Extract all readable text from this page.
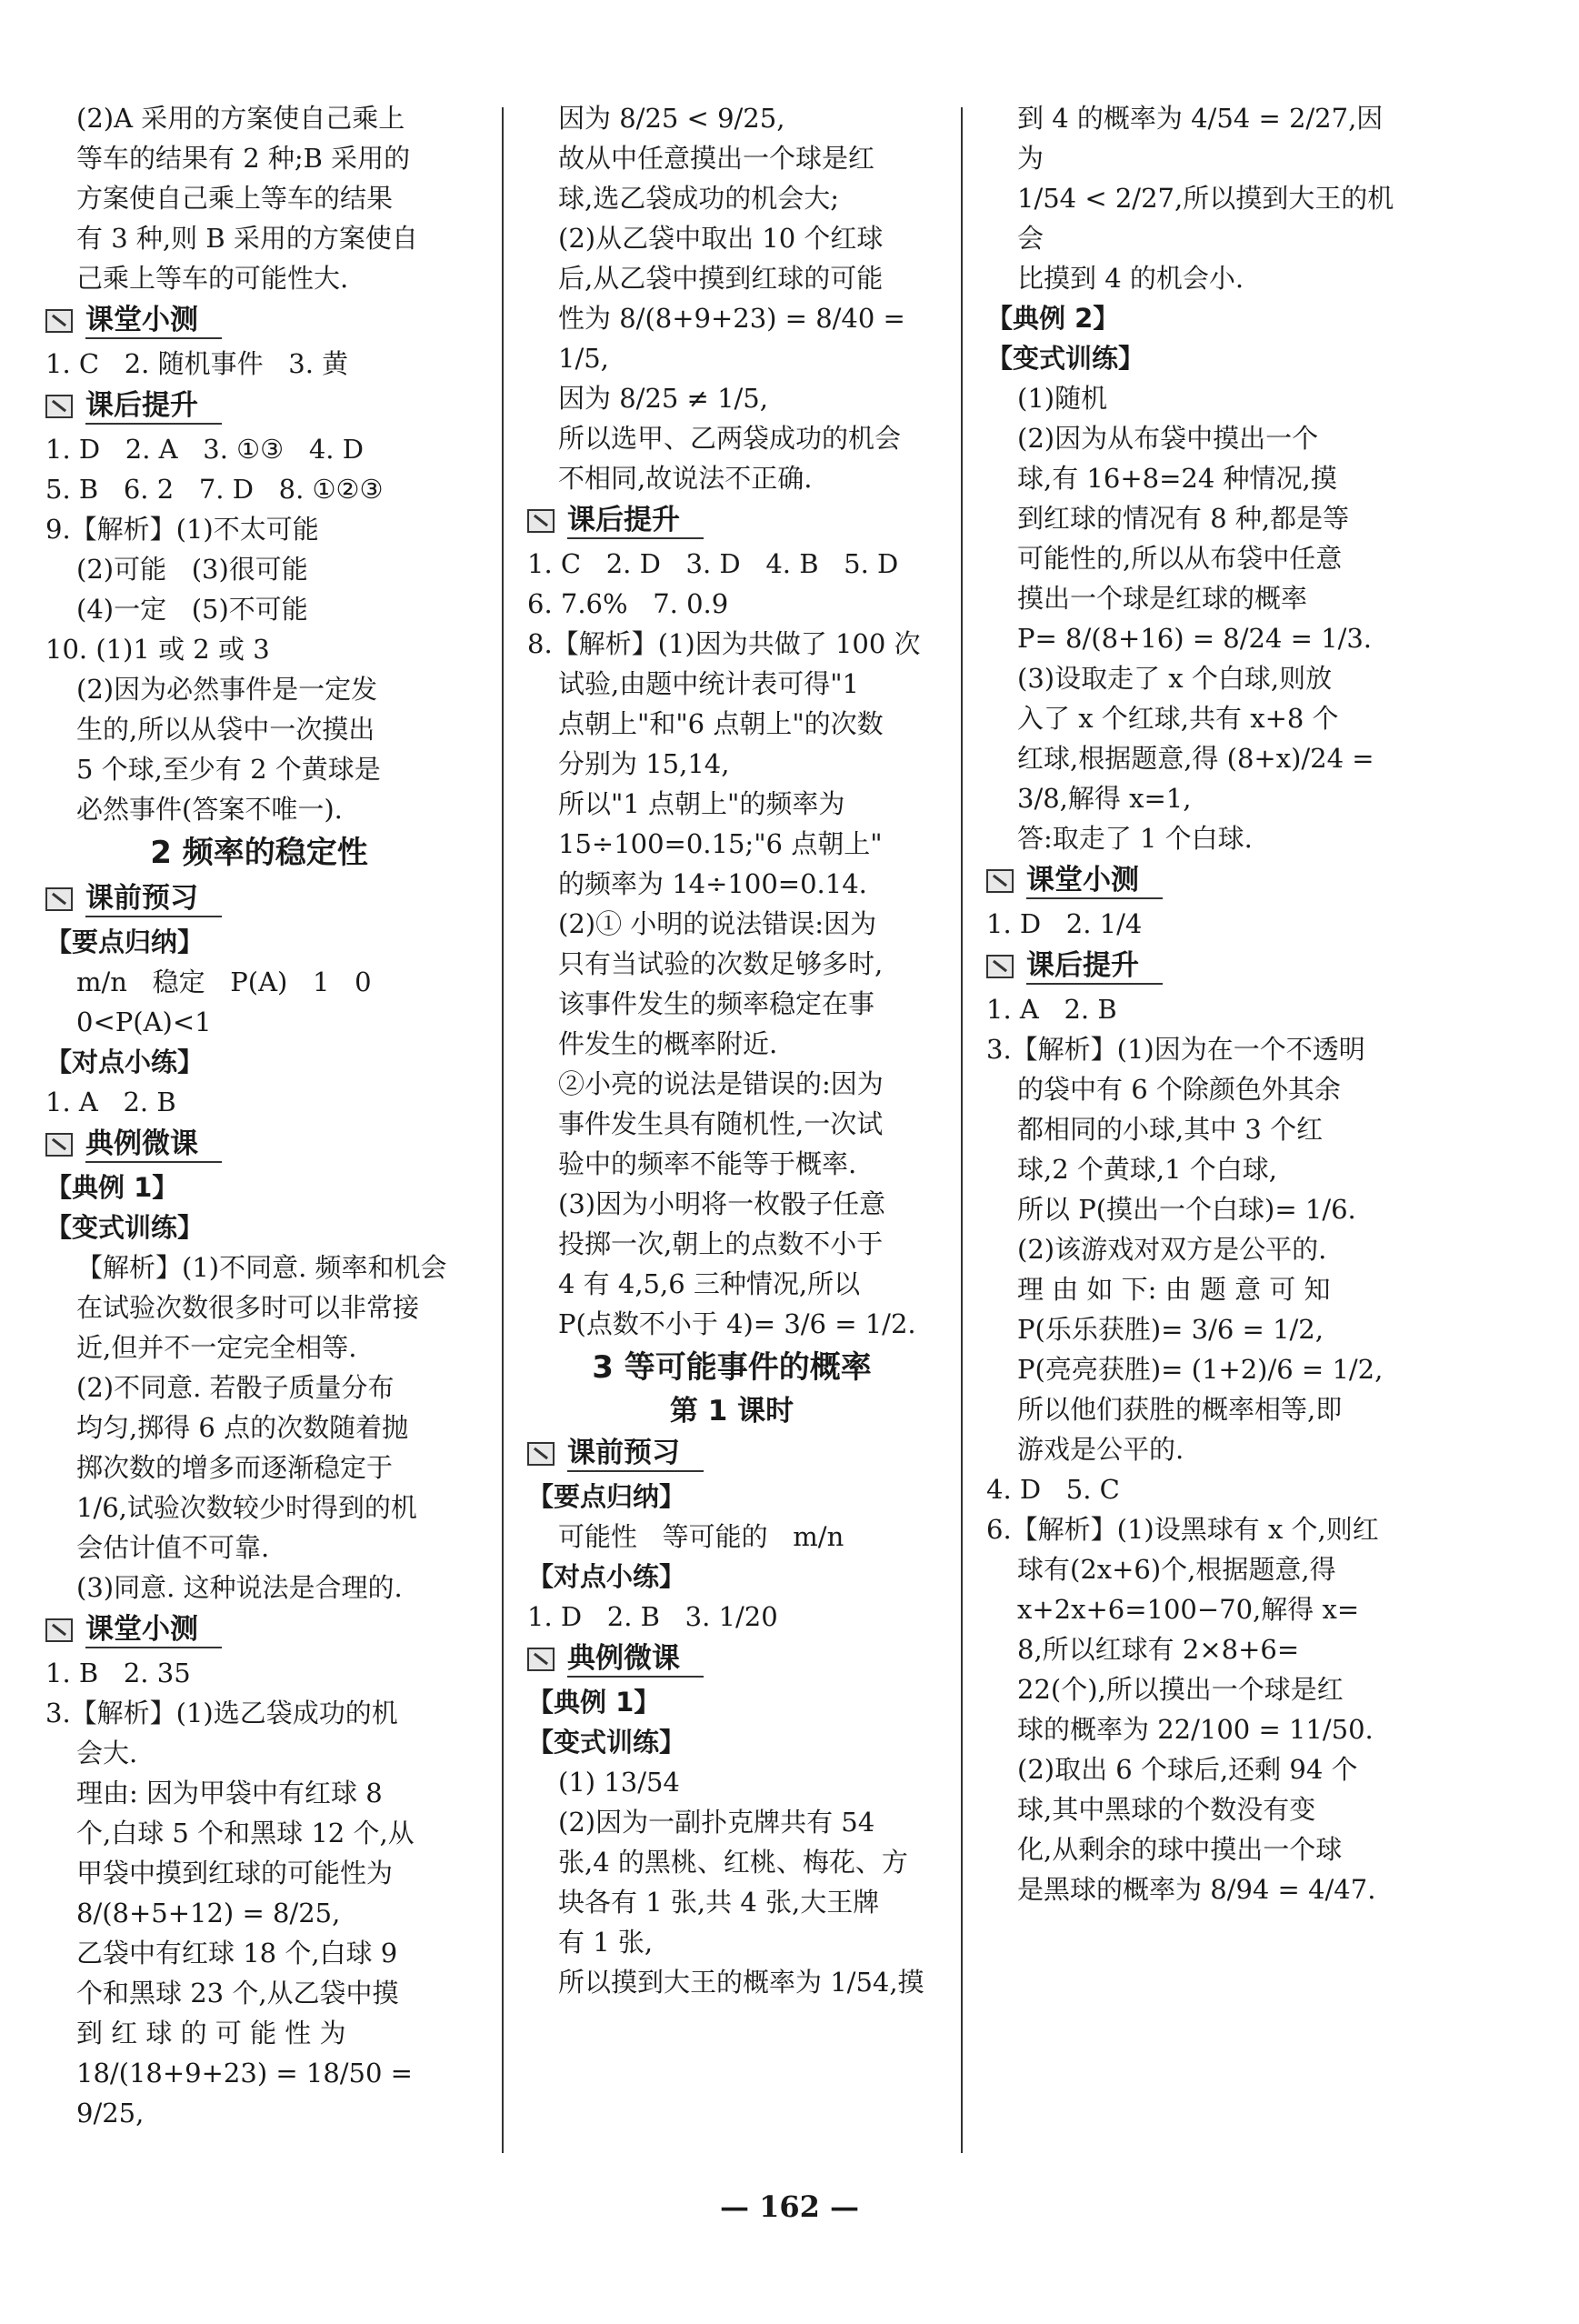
(2)A 采用的方案使自己乘上

等车的结果有 2 种;B 采用的

方案使自己乘上等车的结果

有 3 种,则 B 采用的方案使自

己乘上等车的可能性大.

课堂小测

1. C   2. 随机事件   3. 黄

课后提升

1. D   2. A   3. ①③   4. D

5. B   6. 2   7. D   8. ①②③

9.【解析】(1)不太可能

(2)可能   (3)很可能

(4)一定   (5)不可能

10. (1)1 或 2 或 3

(2)因为必然事件是一定发

生的,所以从袋中一次摸出

5 个球,至少有 2 个黄球是

必然事件(答案不唯一).

2 频率的稳定性

课前预习

【要点归纳】

m/n   稳定   P(A)   1   0

0<P(A)<1

【对点小练】

1. A   2. B

典例微课

【典例 1】

【变式训练】

【解析】(1)不同意. 频率和机会

在试验次数很多时可以非常接

近,但并不一定完全相等.

(2)不同意. 若骰子质量分布

均匀,掷得 6 点的次数随着抛

掷次数的增多而逐渐稳定于

1/6,试验次数较少时得到的机

会估计值不可靠.

(3)同意. 这种说法是合理的.

课堂小测

1. B   2. 35

3.【解析】(1)选乙袋成功的机

会大.

理由: 因为甲袋中有红球 8

个,白球 5 个和黑球 12 个,从

甲袋中摸到红球的可能性为

8/(8+5+12) = 8/25,

乙袋中有红球 18 个,白球 9

个和黑球 23 个,从乙袋中摸

到 红 球 的 可 能 性 为

18/(18+9+23) = 18/50 = 9/25,

因为 8/25 < 9/25,

故从中任意摸出一个球是红

球,选乙袋成功的机会大;

(2)从乙袋中取出 10 个红球

后,从乙袋中摸到红球的可能

性为 8/(8+9+23) = 8/40 = 1/5,

因为 8/25 ≠ 1/5,

所以选甲、乙两袋成功的机会

不相同,故说法不正确.

课后提升

1. C   2. D   3. D   4. B   5. D

6. 7.6%   7. 0.9

8.【解析】(1)因为共做了 100 次

试验,由题中统计表可得"1

点朝上"和"6 点朝上"的次数

分别为 15,14,

所以"1 点朝上"的频率为

15÷100=0.15;"6 点朝上"

的频率为 14÷100=0.14.

(2)① 小明的说法错误:因为

只有当试验的次数足够多时,

该事件发生的频率稳定在事

件发生的概率附近.

②小亮的说法是错误的:因为

事件发生具有随机性,一次试

验中的频率不能等于概率.

(3)因为小明将一枚骰子任意

投掷一次,朝上的点数不小于

4 有 4,5,6 三种情况,所以

P(点数不小于 4)= 3/6 = 1/2.

3 等可能事件的概率

第 1 课时

课前预习

【要点归纳】

可能性   等可能的   m/n

【对点小练】

1. D   2. B   3. 1/20

典例微课

【典例 1】

【变式训练】

(1) 13/54

(2)因为一副扑克牌共有 54

张,4 的黑桃、红桃、梅花、方

块各有 1 张,共 4 张,大王牌

有 1 张,

所以摸到大王的概率为 1/54,摸

到 4 的概率为 4/54 = 2/27,因为

1/54 < 2/27,所以摸到大王的机会

比摸到 4 的机会小.

【典例 2】

【变式训练】

(1)随机

(2)因为从布袋中摸出一个

球,有 16+8=24 种情况,摸

到红球的情况有 8 种,都是等

可能性的,所以从布袋中任意

摸出一个球是红球的概率

P= 8/(8+16) = 8/24 = 1/3.

(3)设取走了 x 个白球,则放

入了 x 个红球,共有 x+8 个

红球,根据题意,得 (8+x)/24 =

3/8,解得 x=1,

答:取走了 1 个白球.

课堂小测

1. D   2. 1/4

课后提升

1. A   2. B

3.【解析】(1)因为在一个不透明

的袋中有 6 个除颜色外其余

都相同的小球,其中 3 个红

球,2 个黄球,1 个白球,

所以 P(摸出一个白球)= 1/6.

(2)该游戏对双方是公平的.

理 由 如 下: 由 题 意 可 知

P(乐乐获胜)= 3/6 = 1/2,

P(亮亮获胜)= (1+2)/6 = 1/2,

所以他们获胜的概率相等,即

游戏是公平的.

4. D   5. C

6.【解析】(1)设黑球有 x 个,则红

球有(2x+6)个,根据题意,得

x+2x+6=100−70,解得 x=

8,所以红球有 2×8+6=

22(个),所以摸出一个球是红

球的概率为 22/100 = 11/50.

(2)取出 6 个球后,还剩 94 个

球,其中黑球的个数没有变

化,从剩余的球中摸出一个球

是黑球的概率为 8/94 = 4/47.

— 162 —
